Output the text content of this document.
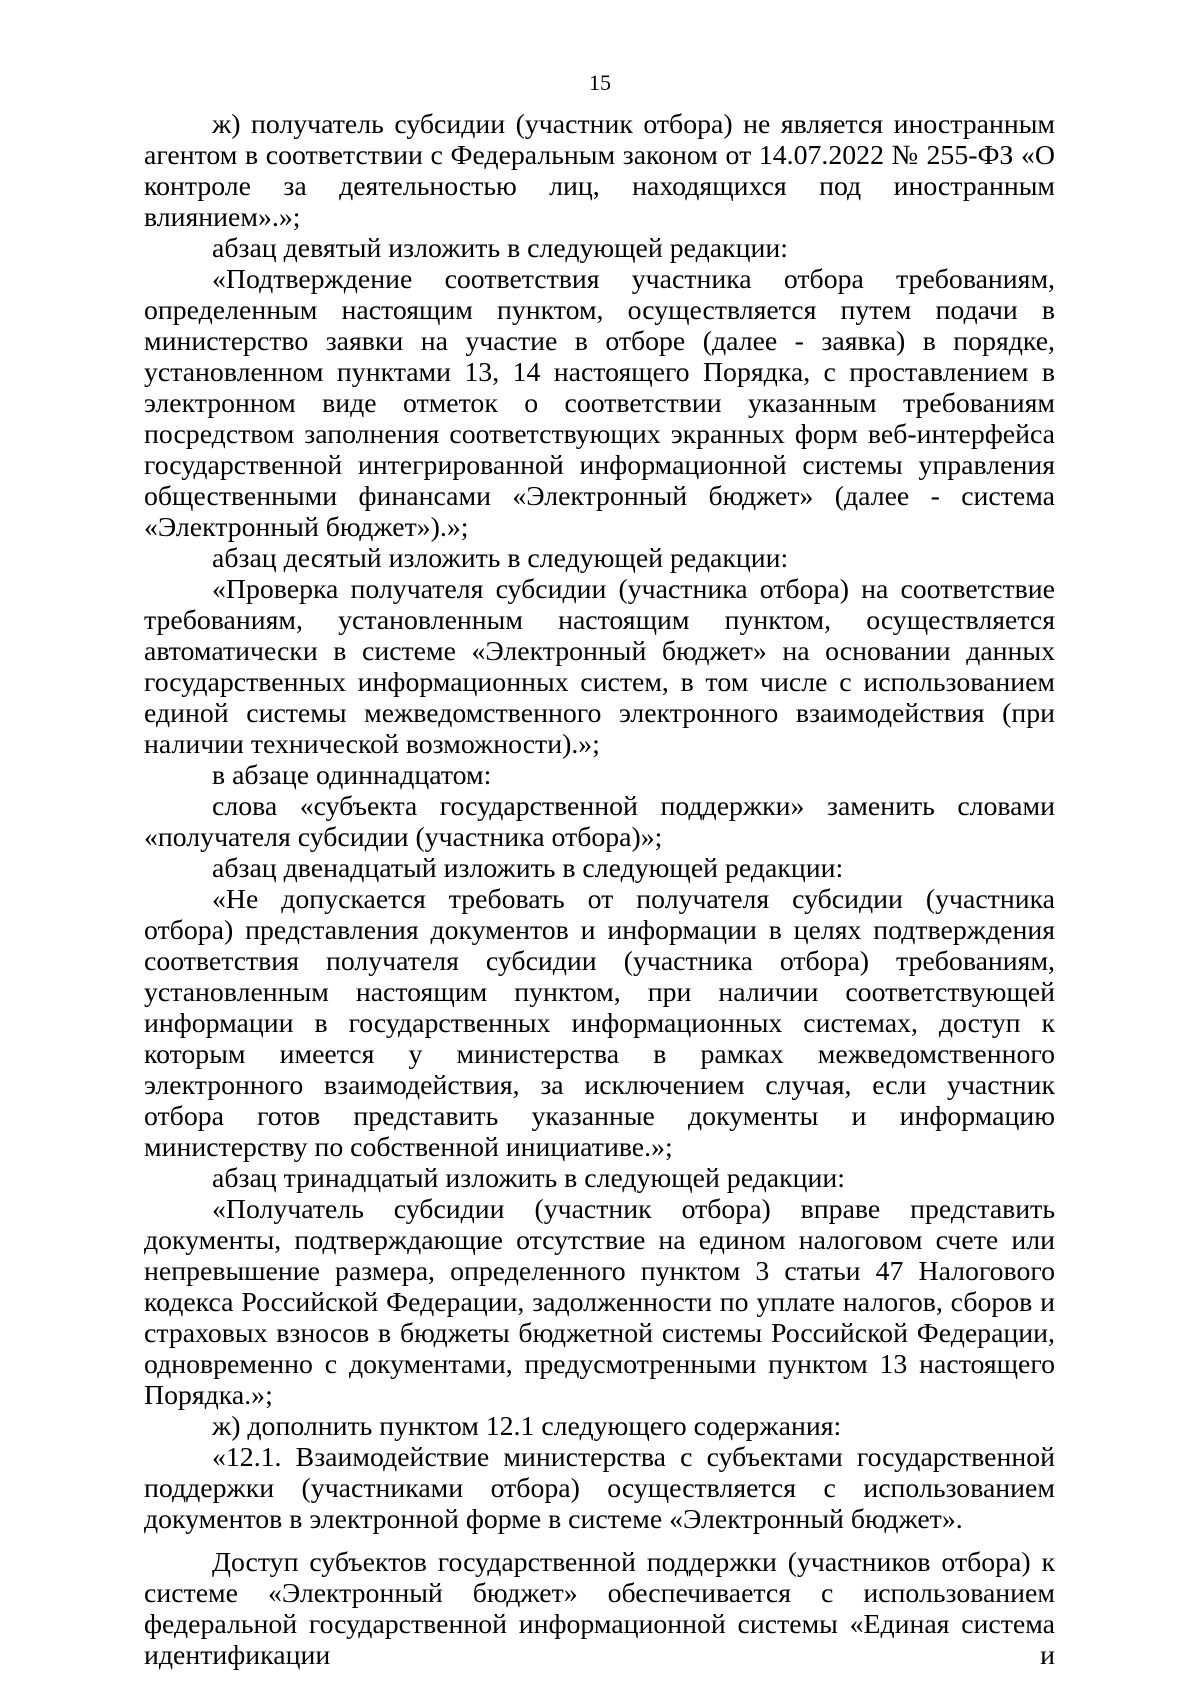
15

ж) получатель субсидии (участник отбора) не является иностранным агентом в соответствии с Федеральным законом от 14.07.2022 № 255-ФЗ «О контроле за деятельностью лиц, находящихся под иностранным влиянием».»;

абзац девятый изложить в следующей редакции:

«Подтверждение соответствия участника отбора требованиям, определенным настоящим пунктом, осуществляется путем подачи в министерство заявки на участие в отборе (далее - заявка) в порядке, установленном пунктами 13, 14 настоящего Порядка, с проставлением в электронном виде отметок о соответствии указанным требованиям посредством заполнения соответствующих экранных форм веб-интерфейса государственной интегрированной информационной системы управления общественными финансами «Электронный бюджет» (далее - система «Электронный бюджет»).»;

абзац десятый изложить в следующей редакции:

«Проверка получателя субсидии (участника отбора) на соответствие требованиям, установленным настоящим пунктом, осуществляется автоматически в системе «Электронный бюджет» на основании данных государственных информационных систем, в том числе с использованием единой системы межведомственного электронного взаимодействия (при наличии технической возможности).»;

в абзаце одиннадцатом:

слова «субъекта государственной поддержки» заменить словами «получателя субсидии (участника отбора)»;

абзац двенадцатый изложить в следующей редакции:

«Не допускается требовать от получателя субсидии (участника отбора) представления документов и информации в целях подтверждения соответствия получателя субсидии (участника отбора) требованиям, установленным настоящим пунктом, при наличии соответствующей информации в государственных информационных системах, доступ к которым имеется у министерства в рамках межведомственного электронного взаимодействия, за исключением случая, если участник отбора готов представить указанные документы и информацию министерству по собственной инициативе.»;

абзац тринадцатый изложить в следующей редакции:

«Получатель субсидии (участник отбора) вправе представить документы, подтверждающие отсутствие на едином налоговом счете или непревышение размера, определенного пунктом 3 статьи 47 Налогового кодекса Российской Федерации, задолженности по уплате налогов, сборов и страховых взносов в бюджеты бюджетной системы Российской Федерации, одновременно с документами, предусмотренными пунктом 13 настоящего Порядка.»;

ж) дополнить пунктом 12.1 следующего содержания:

«12.1. Взаимодействие министерства с субъектами государственной поддержки (участниками отбора) осуществляется с использованием документов в электронной форме в системе «Электронный бюджет».

Доступ субъектов государственной поддержки (участников отбора) к системе «Электронный бюджет» обеспечивается с использованием федеральной государственной информационной системы «Единая система идентификации и
